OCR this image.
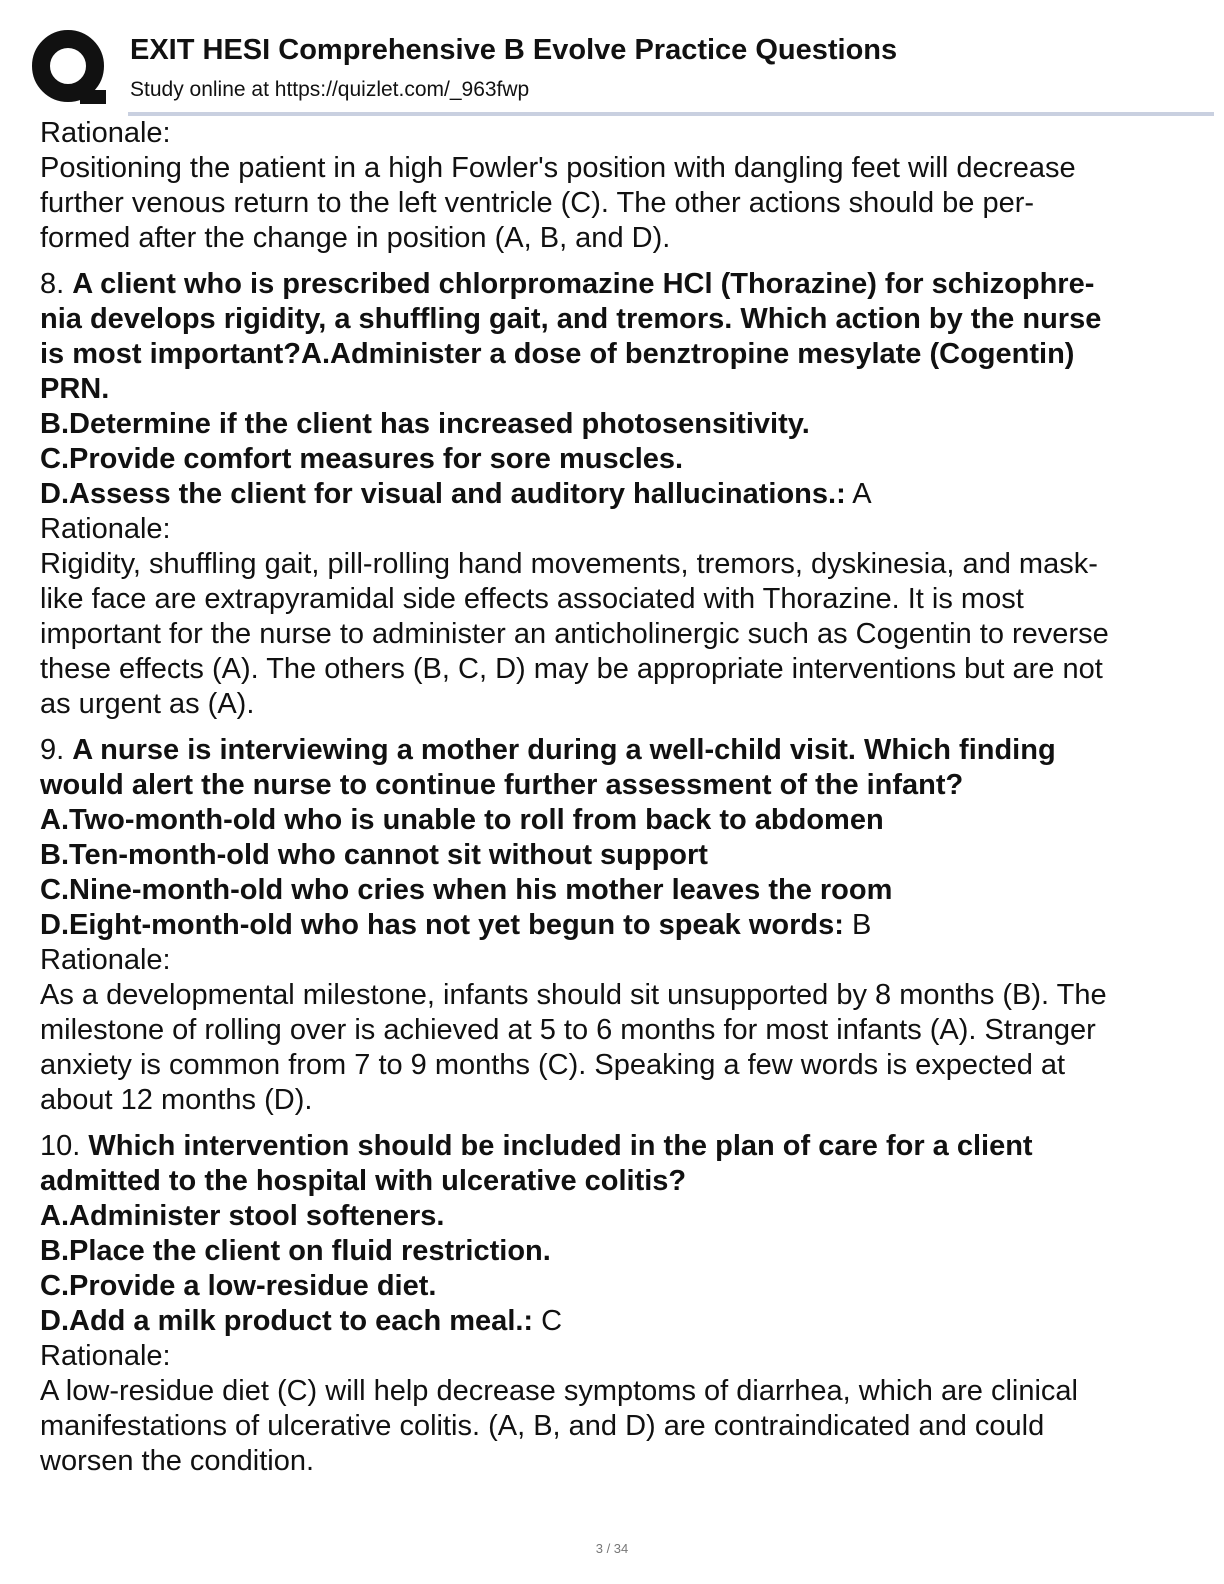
EXIT HESI Comprehensive B Evolve Practice Questions
Study online at https://quizlet.com/_963fwp

Rationale:

Positioning the patient in a high Fowler's position with dangling feet will decrease

further venous return to the left ventricle (C). The other actions should be per-

formed after the change in position (A, B, and D).

8. A client who is prescribed chlorpromazine HCl (Thorazine) for schizophre-

nia develops rigidity, a shuffling gait, and tremors. Which action by the nurse

is most important?A.Administer a dose of benztropine mesylate (Cogentin)

PRN.

B.Determine if the client has increased photosensitivity.

C.Provide comfort measures for sore muscles.

D.Assess the client for visual and auditory hallucinations.: A

Rationale:

Rigidity, shuffling gait, pill-rolling hand movements, tremors, dyskinesia, and mask-

like face are extrapyramidal side effects associated with Thorazine. It is most

important for the nurse to administer an anticholinergic such as Cogentin to reverse

these effects (A). The others (B, C, D) may be appropriate interventions but are not

as urgent as (A).

9. A nurse is interviewing a mother during a well-child visit. Which finding

would alert the nurse to continue further assessment of the infant?

A.Two-month-old who is unable to roll from back to abdomen

B.Ten-month-old who cannot sit without support

C.Nine-month-old who cries when his mother leaves the room

D.Eight-month-old who has not yet begun to speak words: B

Rationale:

As a developmental milestone, infants should sit unsupported by 8 months (B). The

milestone of rolling over is achieved at 5 to 6 months for most infants (A). Stranger

anxiety is common from 7 to 9 months (C). Speaking a few words is expected at

about 12 months (D).

10. Which intervention should be included in the plan of care for a client

admitted to the hospital with ulcerative colitis?

A.Administer stool softeners.

B.Place the client on fluid restriction.

C.Provide a low-residue diet.

D.Add a milk product to each meal.: C

Rationale:

A low-residue diet (C) will help decrease symptoms of diarrhea, which are clinical

manifestations of ulcerative colitis. (A, B, and D) are contraindicated and could

worsen the condition.

3 / 34
